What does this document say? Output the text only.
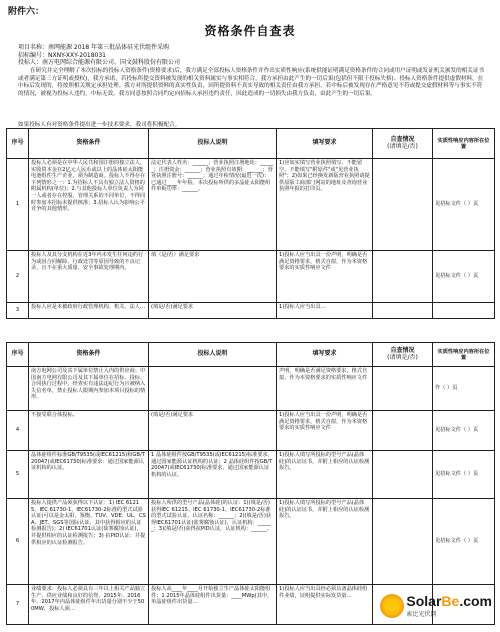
附件六：
资格条件自查表
项目名称：南网能源 2018 年第三批晶体硅光伏组件采购
招标编号：NXNY-XXY-2018031
投标人：南方电网综合能源有限公司、国文鼓科股份有限公司
在研究并完全理解了本次招标的投标人资格条件(资格要求)后，我方满足全部投标人资格条件并作出实质性响应(系统供能证明满足资格条件的合同或用户证明或发证机关颁发的相关证书或者满足第三方证明或授权)，我方承诺，若投标所提交资料被发现的相关资料属实与事实相符合，我方承担由此产生的一切后果(包括但不限于投标失格)、投标人资格条件提供虚假材料，在中标后发现的，将按照相关规定承担处理。我方对所提供资料的真实性负责，因所提资料不真实导致的相关责任由我方承担，若中标后被发现存在严格意见不符或提交虚假材料等与事实不符的情况，被视为投标人违约，中标无效，我方同意按照合同约定向招标人承担违约责任，因此造成的一切损失由我方负责，由此产生的一切后果。
如果投标人有对资格条件提出进一步技术要求，我司将积极配合。
序号	资格条件	投标人说明	填写要求	自查情况
(请填是/否)	实质性响应内容所在位置
1	投标人必须是在中华人民共和国注册的独立法人，实收资本金在2亿元人民币或以上的晶体硅太阳能电池组件生产企业，须为制造商。投标人不得存在下列情形之一：1.为招标人不具有独立法人资格的附属机构(单位)；2.与其他投标人单位负责人为同一人或者存在控股、管理关系的不同单位，不得同时参加本招标未提供核准；3.招标人认为影响公平竞争的其他情形。	法定代表人姓名：______；营业执照注册地址：______；注册资金：______；营业执照有效期：______；营业执照注册号：______；通过年检情况(最近一次)：已通过____年年检。本次投标所供的多晶硅太阳能组件单板功率：______。	1)应如实填写营业执照填写，不能留空，不能填写"附原件"或"见营业执照"；2)如果已经换发新版营业执照请提供原版工商部门网站的地址及查询营业执照年报的打印页。		见招标文件（ ）页
2	投标人及其分支机构在近3年内未发生任何违约行为或因合同解除、行政处罚等原因导致的不良记录，且不在重大质量、安全事故处理期内。	填（是/否）满足要求	1)投标人应当出具一份声明，明确是否满足资格要求，格式自拟，作为本资格要求的实质性响应文件		见招标文件（ ）页
3	投标人应是未被政府行政管理机构、机关、法人…	(填是/否)满足要求	1)投标人应当出具…		
序号	资格条件	投标人说明	填写要求	自查情况
(请填是/否)	实质性响应内容所在位置
	南方电网公司及其下属单位禁止入内的供应商；中国南方电网有限公司及其下属单位在招标、投标、合同执行过程中，经查实有违法违纪行为且被纳入失信名单，禁止投标人限期内参加本项目投标的情形。		声明，明确是否满足资格要求，格式自拟，作为本资格要求的实质性响应文件		作（ ）页
4	不接受联合体投标。	(填是/否)满足要求	1)投标人应当出具一份声明，明确是否满足资格要求，格式自拟，作为本资格要求的实质性响应文件		见招标文件（ ）页
5	晶体硅组件标准GB/T9535(或IEC61215)和GB/T20047(或IEC61730)标准要求：通过国家能源认证机构的认证。	1 晶体硅组件按GB/T9535(或IEC61215)标准要求，通过国家能源认证机构的认证；2 晶体硅组件按GB/T20047(或IEC61730)标准要求，通过国家能源认证机构的认证。	1)投标人填写所投标的型号产品(晶体硅)的认证证书，并附上相应的认证检测报告。		见招标文件（ ）页
6	投标人提供产品须获得以下认证：1) IEC 61215、IEC 61730-1、IEC61730-2标准的型式试验认证(可以是金太阳、鉴衡、TUV、VDE、UL、CSA、JET、SGS等国际认证，其中获得相应的认证检测报告)；2) IEC61701认证(盐雾腐蚀认证)，并提供相应的认证检测报告；3) 抗PID认证：并提供相应的认证检测报告。	投标人所供的型号产品(晶体硅)的认证：1)(填是/否)获得IEC 61215、IEC 61730-1、IEC61730-2标准的型式试验认证，认证名称：______；2)(填是/否)获得IEC61701认证(盐雾腐蚀认证)，认证机构：______；3)(填是/否)获得抗PID认证，认证机构：______。	1)投标人填写所投标的型号产品(晶体硅)的认证证书，并附上相应的认证检测报告。		见招标文件（ ）页
7	业绩要求：投标人必须具有三年以上相关产品独立生产、供应业绩和良好的信誉。2015年、2016年、2017年内晶体硅组件年出货量分别不少于500MW，投标人须…	投标人从____年____月开始独立生产晶体硅太阳能组件；1 2015年晶体硅组件出货量：____MWp(其中，单晶硅组件出货量…	1)投标人应当出具经必须具备晶体硅组件业绩，证明提供实际发货量…			SolarBe.com
索比光伏网
